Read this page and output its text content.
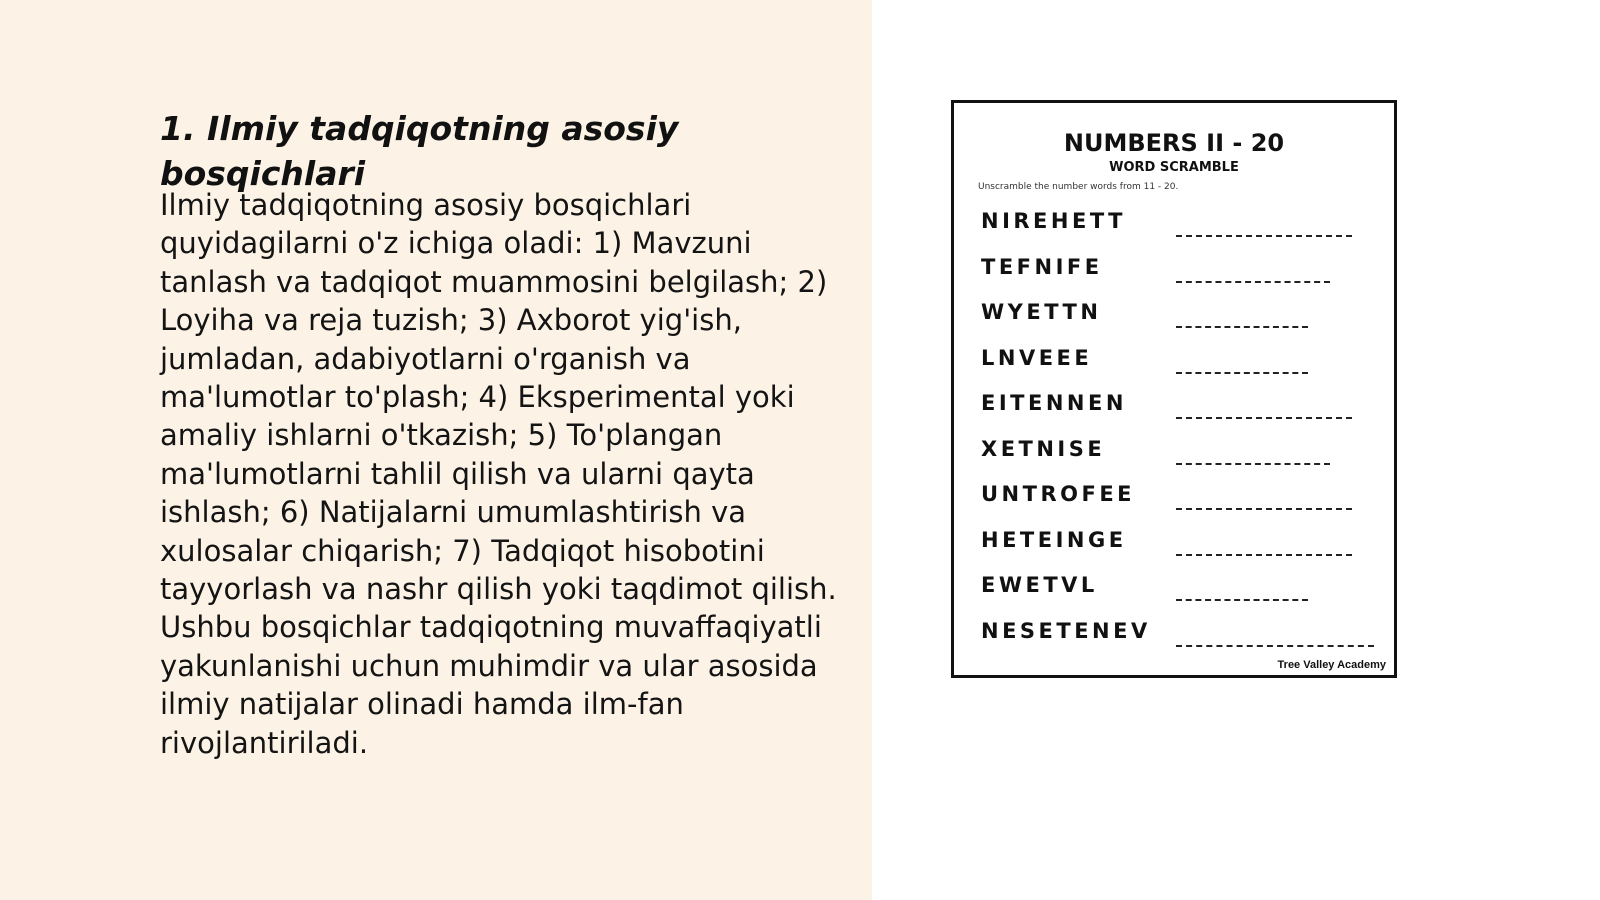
1. Ilmiy tadqiqotning asosiy bosqichlari

Ilmiy tadqiqotning asosiy bosqichlari quyidagilarni o'z ichiga oladi: 1) Mavzuni tanlash va tadqiqot muammosini belgilash; 2) Loyiha va reja tuzish; 3) Axborot yig'ish, jumladan, adabiyotlarni o'rganish va ma'lumotlar to'plash; 4) Eksperimental yoki amaliy ishlarni o'tkazish; 5) To'plangan ma'lumotlarni tahlil qilish va ularni qayta ishlash; 6) Natijalarni umumlashtirish va xulosalar chiqarish; 7) Tadqiqot hisobotini tayyorlash va nashr qilish yoki taqdimot qilish. Ushbu bosqichlar tadqiqotning muvaffaqiyatli yakunlanishi uchun muhimdir va ular asosida ilmiy natijalar olinadi hamda ilm-fan rivojlantiriladi.

NUMBERS II - 20
WORD SCRAMBLE
Unscramble the number words from 11 - 20.
NIREHETT
TEFNIFE
WYETTN
LNVEEE
EITENNEN
XETNISE
UNTROFEE
HETEINGE
EWETVL
NESETENEV
Tree Valley Academy
